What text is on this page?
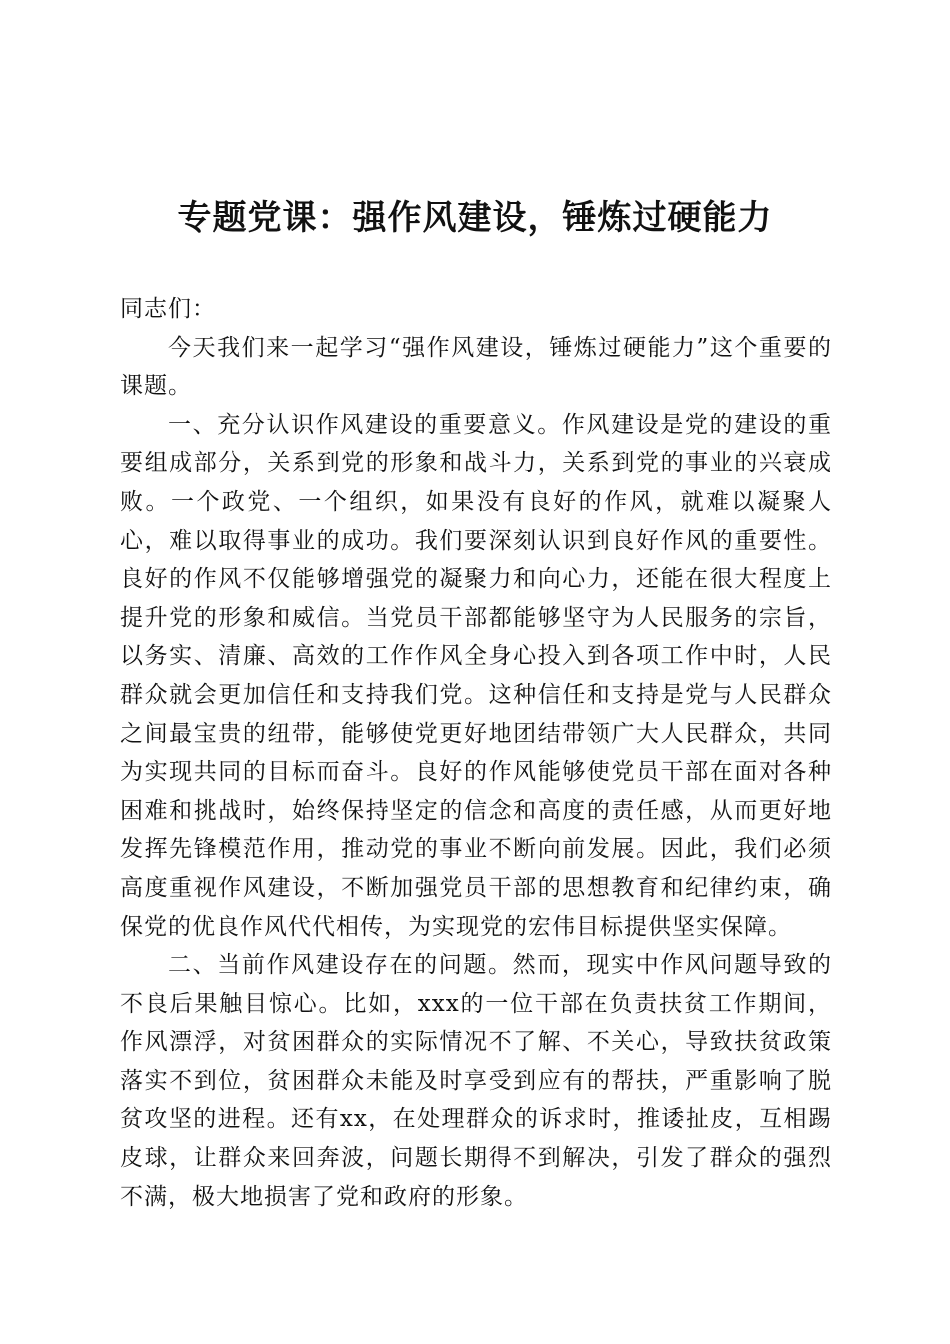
专题党课：强作风建设，锤炼过硬能力

同志们：

今天我们来一起学习“强作风建设，锤炼过硬能力”这个重要的课题。

一、充分认识作风建设的重要意义。作风建设是党的建设的重要组成部分，关系到党的形象和战斗力，关系到党的事业的兴衰成败。一个政党、一个组织，如果没有良好的作风，就难以凝聚人心，难以取得事业的成功。我们要深刻认识到良好作风的重要性。良好的作风不仅能够增强党的凝聚力和向心力，还能在很大程度上提升党的形象和威信。当党员干部都能够坚守为人民服务的宗旨，以务实、清廉、高效的工作作风全身心投入到各项工作中时，人民群众就会更加信任和支持我们党。这种信任和支持是党与人民群众之间最宝贵的纽带，能够使党更好地团结带领广大人民群众，共同为实现共同的目标而奋斗。良好的作风能够使党员干部在面对各种困难和挑战时，始终保持坚定的信念和高度的责任感，从而更好地发挥先锋模范作用，推动党的事业不断向前发展。因此，我们必须高度重视作风建设，不断加强党员干部的思想教育和纪律约束，确保党的优良作风代代相传，为实现党的宏伟目标提供坚实保障。

二、当前作风建设存在的问题。然而，现实中作风问题导致的不良后果触目惊心。比如，xxx的一位干部在负责扶贫工作期间，作风漂浮，对贫困群众的实际情况不了解、不关心，导致扶贫政策落实不到位，贫困群众未能及时享受到应有的帮扶，严重影响了脱贫攻坚的进程。还有xx，在处理群众的诉求时，推诿扯皮，互相踢皮球，让群众来回奔波，问题长期得不到解决，引发了群众的强烈不满，极大地损害了党和政府的形象。
